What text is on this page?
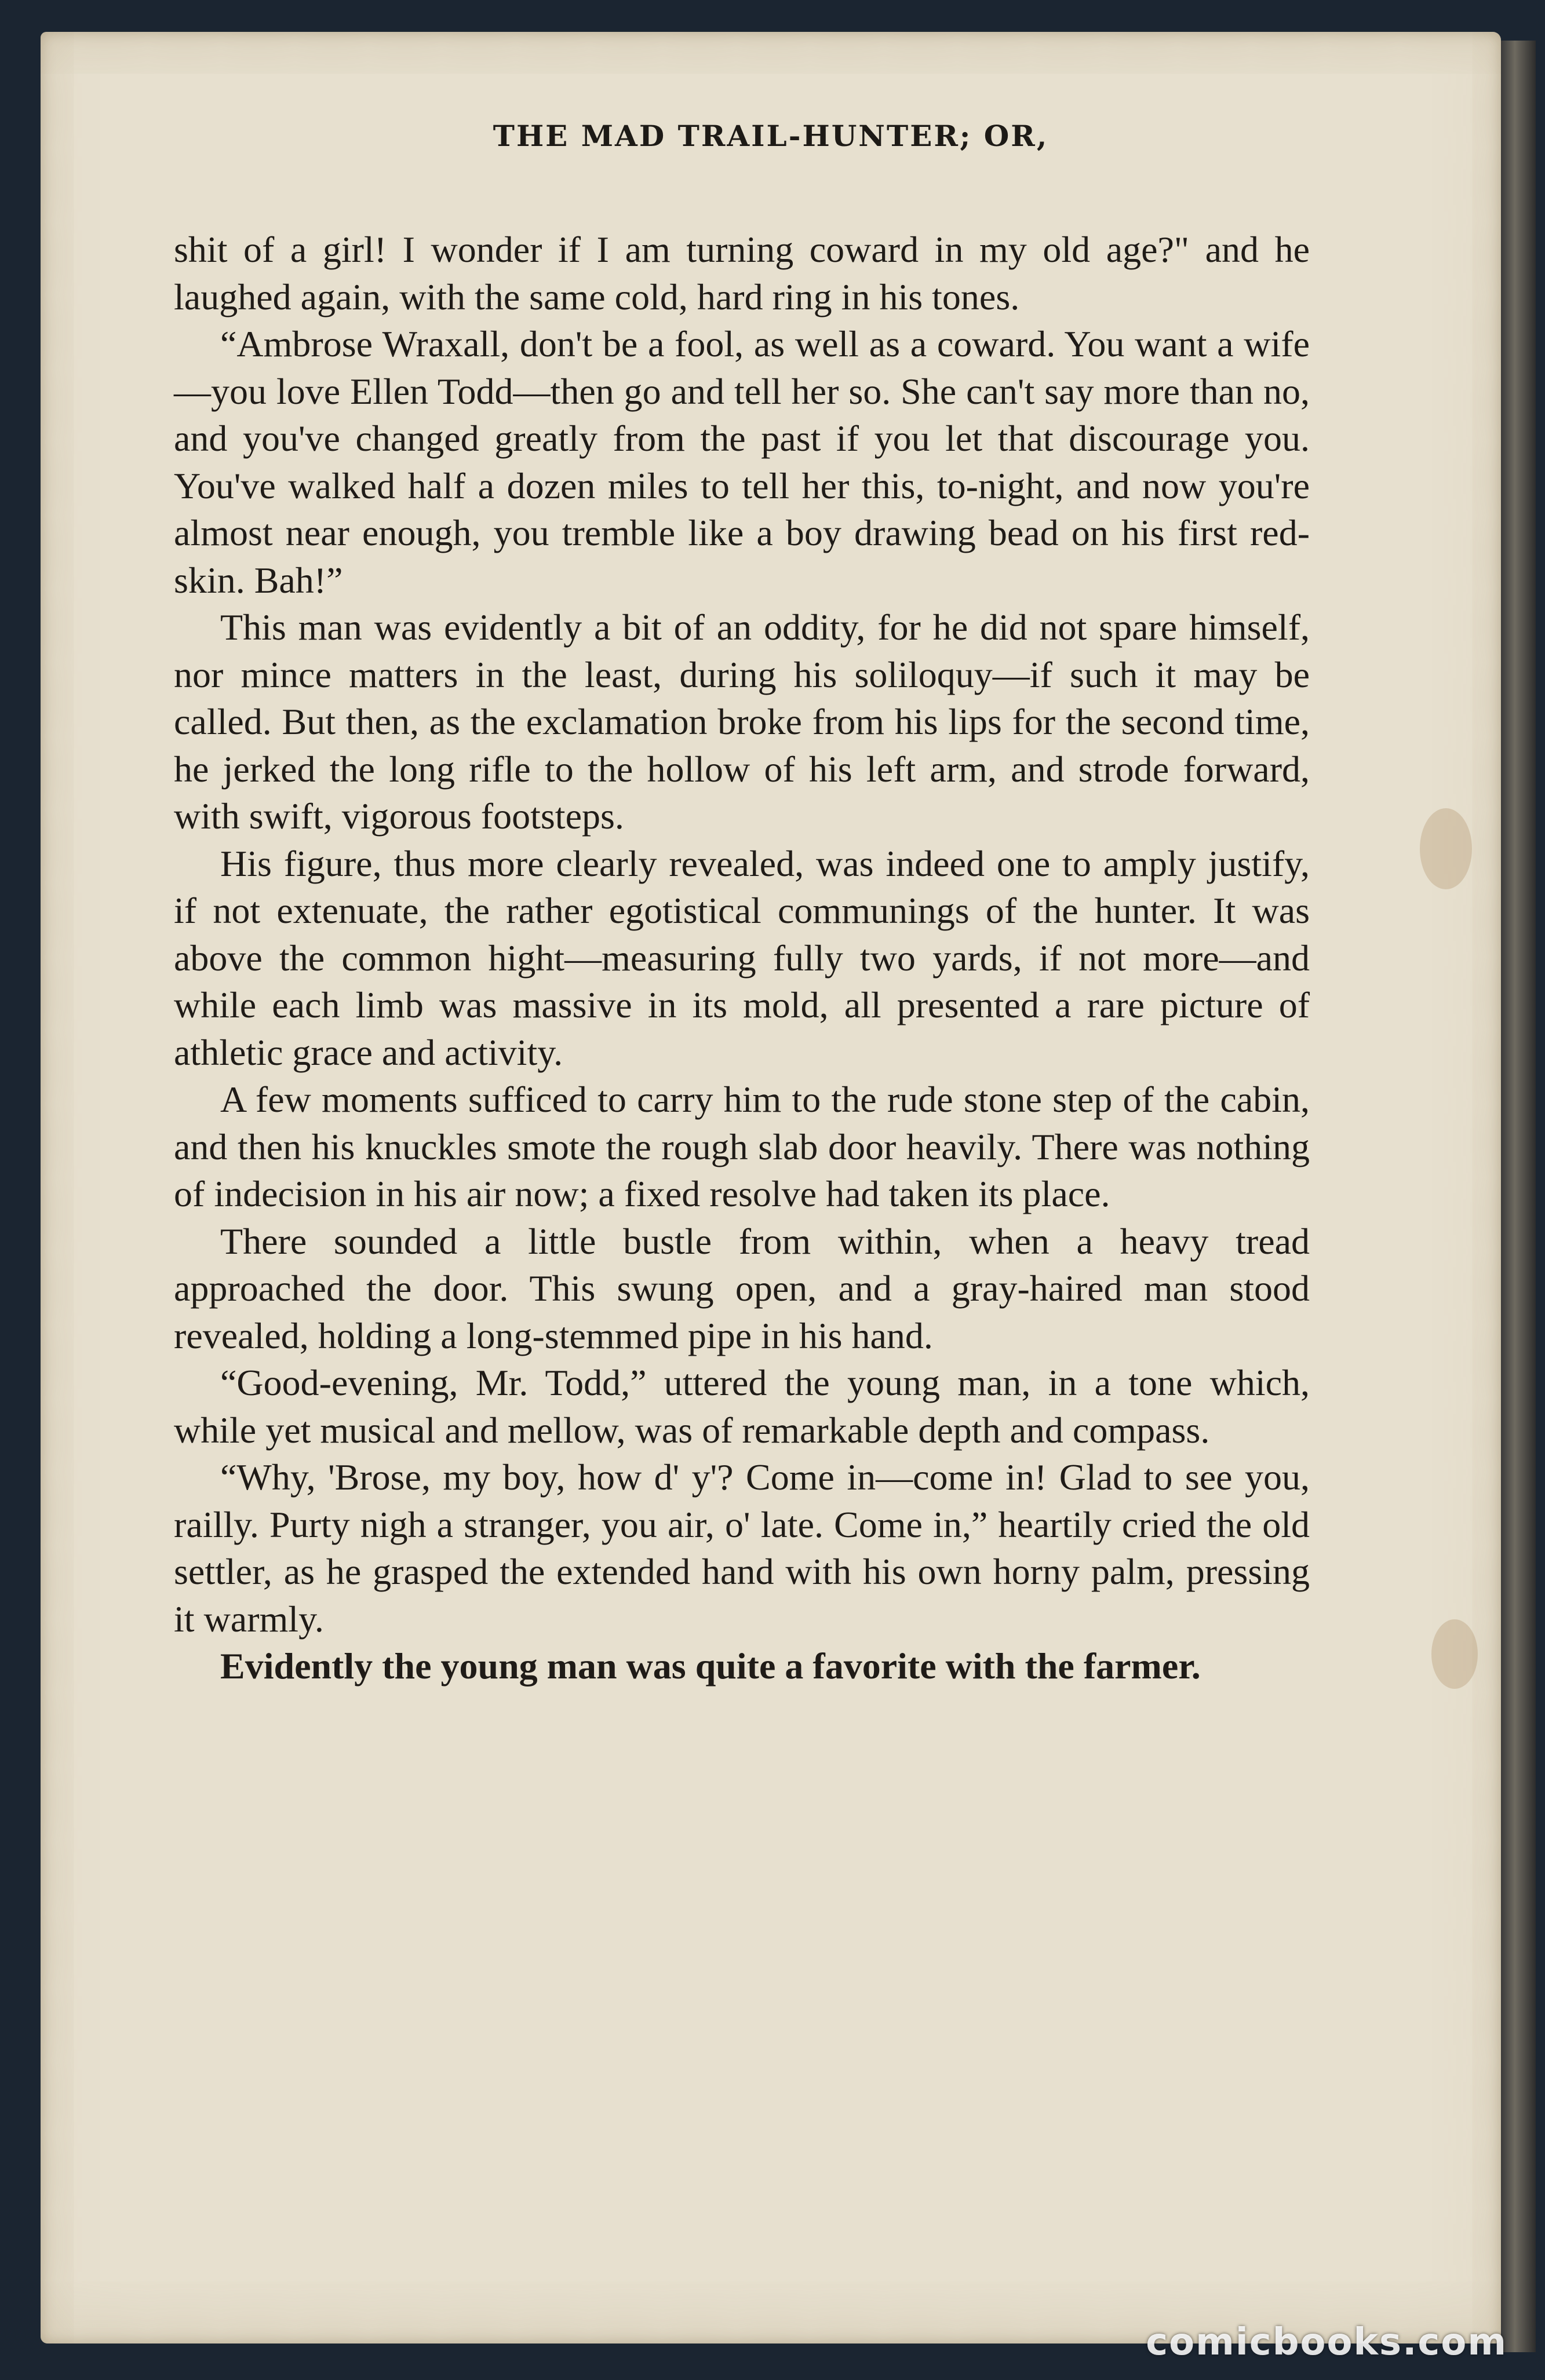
THE MAD TRAIL-HUNTER; OR,

shit of a girl! I wonder if I am turning coward in my old age?" and he laughed again, with the same cold, hard ring in his tones.

“Ambrose Wraxall, don't be a fool, as well as a coward. You want a wife—you love Ellen Todd—then go and tell her so. She can't say more than no, and you've changed greatly from the past if you let that discourage you. You've walked half a dozen miles to tell her this, to-night, and now you're almost near enough, you tremble like a boy drawing bead on his first red-skin. Bah!”

This man was evidently a bit of an oddity, for he did not spare himself, nor mince matters in the least, during his soliloquy—if such it may be called. But then, as the exclamation broke from his lips for the second time, he jerked the long rifle to the hollow of his left arm, and strode forward, with swift, vigorous footsteps.

His figure, thus more clearly revealed, was indeed one to amply justify, if not extenuate, the rather egotistical communings of the hunter. It was above the common hight—measuring fully two yards, if not more—and while each limb was massive in its mold, all presented a rare picture of athletic grace and activity.

A few moments sufficed to carry him to the rude stone step of the cabin, and then his knuckles smote the rough slab door heavily. There was nothing of indecision in his air now; a fixed resolve had taken its place.

There sounded a little bustle from within, when a heavy tread approached the door. This swung open, and a gray-haired man stood revealed, holding a long-stemmed pipe in his hand.

“Good-evening, Mr. Todd,” uttered the young man, in a tone which, while yet musical and mellow, was of remarkable depth and compass.

“Why, 'Brose, my boy, how d' y'? Come in—come in! Glad to see you, railly. Purty nigh a stranger, you air, o' late. Come in,” heartily cried the old settler, as he grasped the extended hand with his own horny palm, pressing it warmly.

Evidently the young man was quite a favorite with the farmer.

comicbooks.com
